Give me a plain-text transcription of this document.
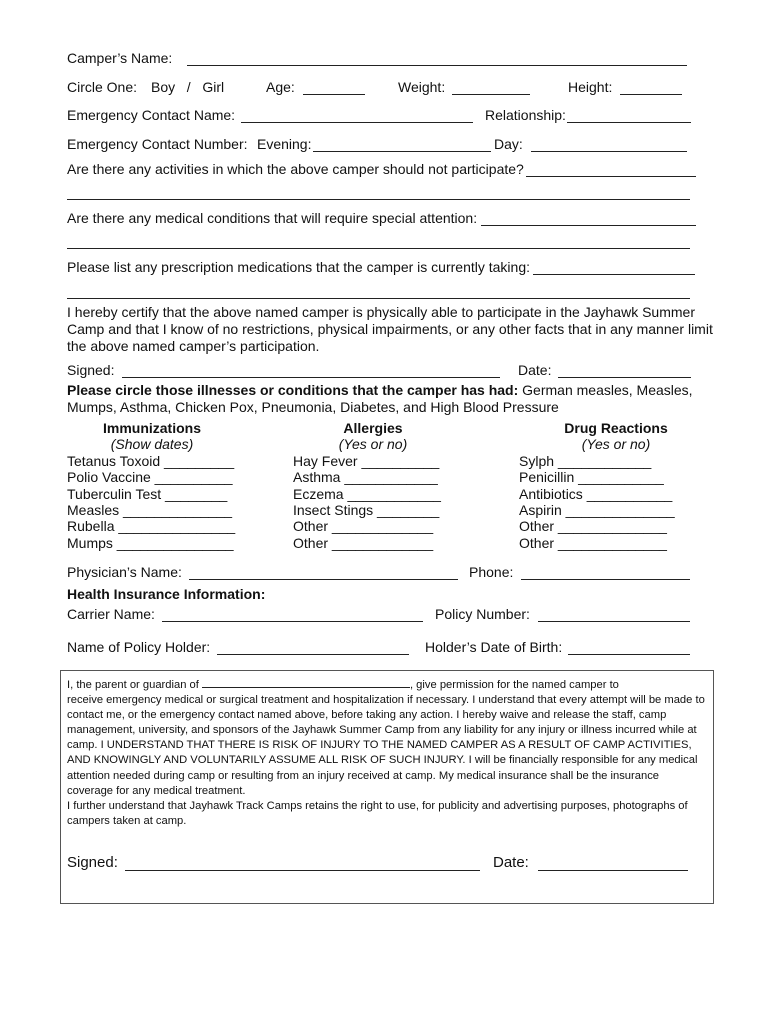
Camper’s Name:
Circle One: Boy   /   Girl	Age:	Weight:	Height:
Emergency Contact Name:	Relationship:
Emergency Contact Number: Evening:	Day:
Are there any activities in which the above camper should not participate?
Are there any medical conditions that will require special attention:
Please list any prescription medications that the camper is currently taking:
I hereby certify that the above named camper is physically able to participate in the Jayhawk Summer Camp and that I know of no restrictions, physical impairments, or any other facts that in any manner limit the above named camper’s participation.
Signed:	Date:
Please circle those illnesses or conditions that the camper has had: German measles, Measles, Mumps, Asthma, Chicken Pox, Pneumonia, Diabetes, and High Blood Pressure
Immunizations
(Show dates)
Tetanus Toxoid _________
Polio Vaccine __________
Tuberculin Test ________
Measles ______________
Rubella _______________
Mumps _______________
Allergies
(Yes or no)
Hay Fever __________
Asthma ____________
Eczema ____________
Insect Stings ________
Other _____________
Other _____________
Drug Reactions
(Yes or no)
Sylph ____________
Penicillin ___________
Antibiotics ___________
Aspirin ______________
Other ______________
Other ______________
Physician’s Name:	Phone:
Health Insurance Information:
Carrier Name:	Policy Number:
Name of Policy Holder:	Holder’s Date of Birth:
I, the parent or guardian of	, give permission for the named camper to
receive emergency medical or surgical treatment and hospitalization if necessary. I understand that every attempt will be made to contact me, or the emergency contact named above, before taking any action. I hereby waive and release the staff, camp management, university, and sponsors of the Jayhawk Summer Camp from any liability for any injury or illness incurred while at camp. I UNDERSTAND THAT THERE IS RISK OF INJURY TO THE NAMED CAMPER AS A RESULT OF CAMP ACTIVITIES, AND KNOWINGLY AND VOLUNTARILY ASSUME ALL RISK OF SUCH INJURY. I will be financially responsible for any medical attention needed during camp or resulting from an injury received at camp. My medical insurance shall be the insurance coverage for any medical treatment.
I further understand that Jayhawk Track Camps retains the right to use, for publicity and advertising purposes, photographs of campers taken at camp.
Signed:	Date:
